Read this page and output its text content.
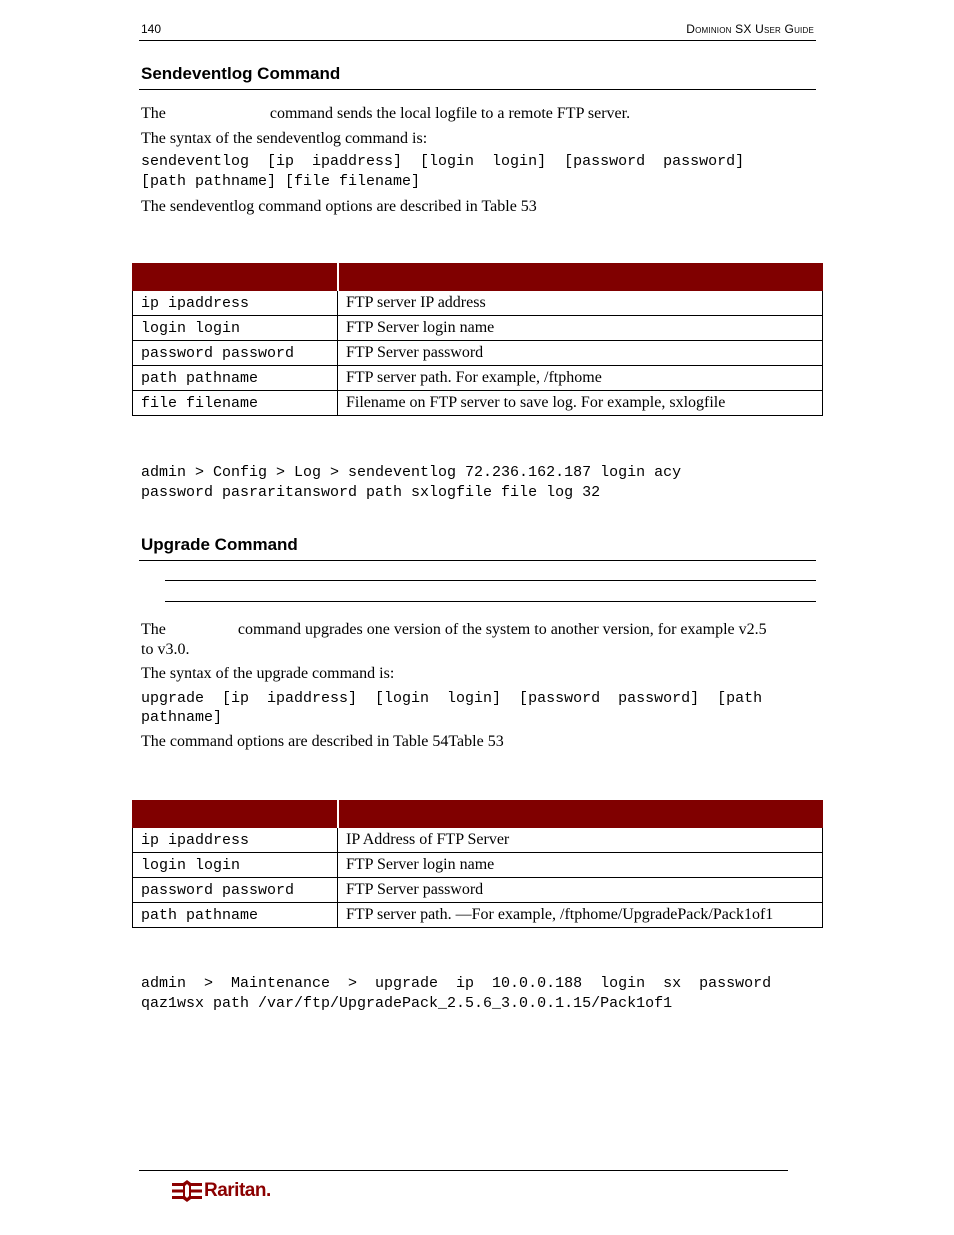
140	Dominion SX User Guide
Sendeventlog Command
The	command sends the local logfile to a remote FTP server.
The syntax of the sendeventlog command is:
sendeventlog  [ip  ipaddress]  [login  login]  [password  password]
[path pathname] [file filename]
The sendeventlog command options are described in Table 53

ip ipaddress	FTP server IP address
login login	FTP Server login name
password password	FTP Server password
path pathname	FTP server path. For example, /ftphome
file filename	Filename on FTP server to save log. For example, sxlogfile
admin > Config > Log > sendeventlog 72.236.162.187 login acy
password pasraritansword path sxlogfile file log 32
Upgrade Command
The	command upgrades one version of the system to another version, for example v2.5
to v3.0.
The syntax of the upgrade command is:
upgrade  [ip  ipaddress]  [login  login]  [password  password]  [path
pathname]
The command options are described in Table 54Table 53

ip ipaddress	IP Address of FTP Server
login login	FTP Server login name
password password	FTP Server password
path pathname	FTP server path. —For example, /ftphome/UpgradePack/Pack1of1
admin  >  Maintenance  >  upgrade  ip  10.0.0.188  login  sx  password
qaz1wsx path /var/ftp/UpgradePack_2.5.6_3.0.0.1.15/Pack1of1
Raritan.
